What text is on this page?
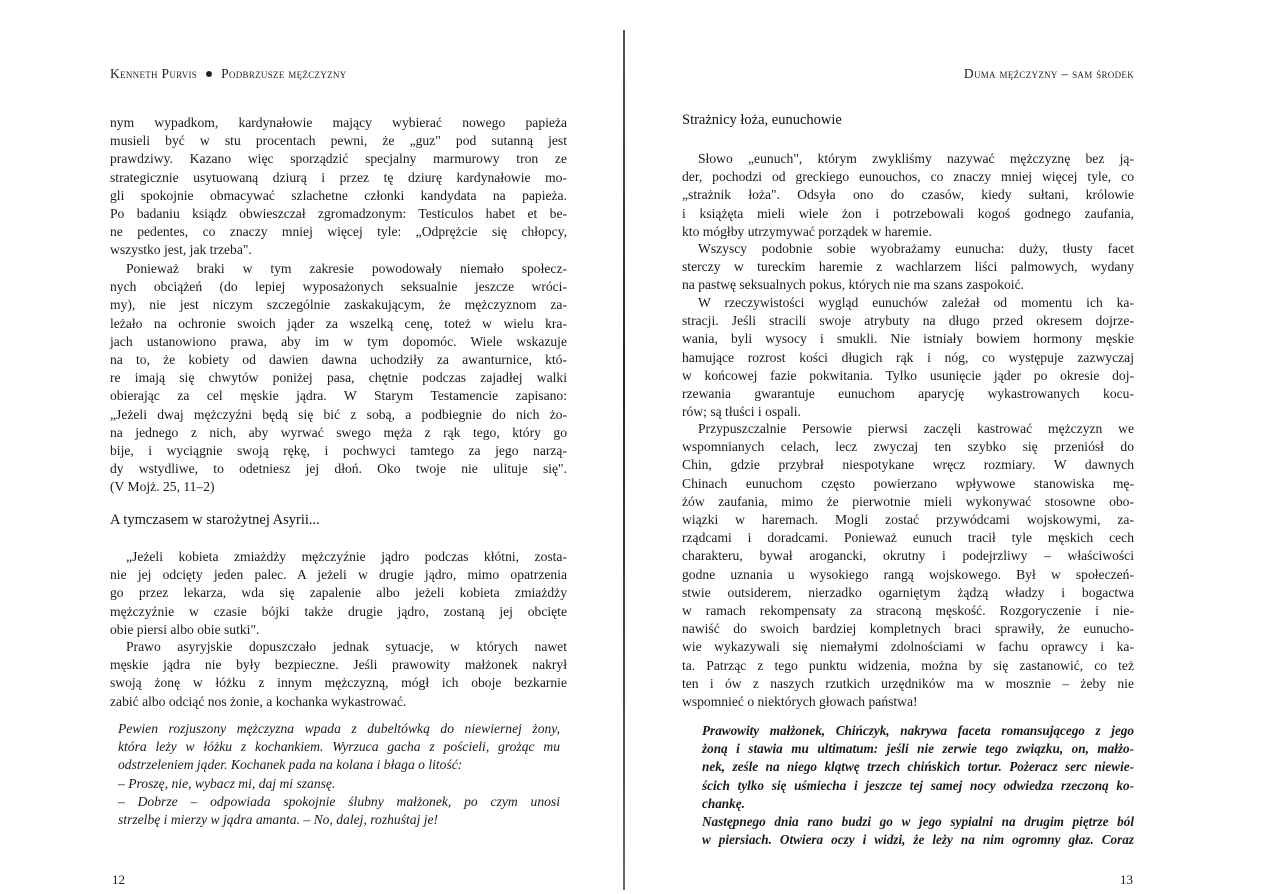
Kenneth Purvis Podbrzusze mężczyzny
nym wypadkom, kardynałowie mający wybierać nowego papieża
musieli być w stu procentach pewni, że „guz" pod sutanną jest
prawdziwy. Kazano więc sporządzić specjalny marmurowy tron ze
strategicznie usytuowaną dziurą i przez tę dziurę kardynałowie mo-
gli spokojnie obmacywać szlachetne członki kandydata na papieża.
Po badaniu ksiądz obwieszczał zgromadzonym: Testiculos habet et be-
ne pedentes, co znaczy mniej więcej tyle: „Odprężcie się chłopcy,
wszystko jest, jak trzeba".
Ponieważ braki w tym zakresie powodowały niemało społecz-
nych obciążeń (do lepiej wyposażonych seksualnie jeszcze wróci-
my), nie jest niczym szczególnie zaskakującym, że mężczyznom za-
leżało na ochronie swoich jąder za wszelką cenę, toteż w wielu kra-
jach ustanowiono prawa, aby im w tym dopomóc. Wiele wskazuje
na to, że kobiety od dawien dawna uchodziły za awanturnice, któ-
re imają się chwytów poniżej pasa, chętnie podczas zajadłej walki
obierając za cel męskie jądra. W Starym Testamencie zapisano:
„Jeżeli dwaj mężczyźni będą się bić z sobą, a podbiegnie do nich żo-
na jednego z nich, aby wyrwać swego męża z rąk tego, który go
bije, i wyciągnie swoją rękę, i pochwyci tamtego za jego narzą-
dy wstydliwe, to odetniesz jej dłoń. Oko twoje nie ulituje się".
(V Mojż. 25, 11–2)
A tymczasem w starożytnej Asyrii...
„Jeżeli kobieta zmiażdży mężczyźnie jądro podczas kłótni, zosta-
nie jej odcięty jeden palec. A jeżeli w drugie jądro, mimo opatrzenia
go przez lekarza, wda się zapalenie albo jeżeli kobieta zmiażdży
mężczyźnie w czasie bójki także drugie jądro, zostaną jej obcięte
obie piersi albo obie sutki".
Prawo asyryjskie dopuszczało jednak sytuacje, w których nawet
męskie jądra nie były bezpieczne. Jeśli prawowity małżonek nakrył
swoją żonę w łóżku z innym mężczyzną, mógł ich oboje bezkarnie
zabić albo odciąć nos żonie, a kochanka wykastrować.
Pewien rozjuszony mężczyzna wpada z dubeltówką do niewiernej żony,
która leży w łóżku z kochankiem. Wyrzuca gacha z pościeli, grożąc mu
odstrzeleniem jąder. Kochanek pada na kolana i błaga o litość:
– Proszę, nie, wybacz mi, daj mi szansę.
– Dobrze – odpowiada spokojnie ślubny małżonek, po czym unosi
strzelbę i mierzy w jądra amanta. – No, dalej, rozhuśtaj je!
12
Duma mężczyzny – sam środek
Strażnicy łoża, eunuchowie
Słowo „eunuch", którym zwykliśmy nazywać mężczyznę bez ją-
der, pochodzi od greckiego eunouchos, co znaczy mniej więcej tyle, co
„strażnik łoża". Odsyła ono do czasów, kiedy sułtani, królowie
i książęta mieli wiele żon i potrzebowali kogoś godnego zaufania,
kto mógłby utrzymywać porządek w haremie.
Wszyscy podobnie sobie wyobrażamy eunucha: duży, tłusty facet
sterczy w tureckim haremie z wachlarzem liści palmowych, wydany
na pastwę seksualnych pokus, których nie ma szans zaspokoić.
W rzeczywistości wygląd eunuchów zależał od momentu ich ka-
stracji. Jeśli stracili swoje atrybuty na długo przed okresem dojrze-
wania, byli wysocy i smukli. Nie istniały bowiem hormony męskie
hamujące rozrost kości długich rąk i nóg, co występuje zazwyczaj
w końcowej fazie pokwitania. Tylko usunięcie jąder po okresie doj-
rzewania gwarantuje eunuchom aparycję wykastrowanych kocu-
rów; są tłuści i ospali.
Przypuszczalnie Persowie pierwsi zaczęli kastrować mężczyzn we
wspomnianych celach, lecz zwyczaj ten szybko się przeniósł do
Chin, gdzie przybrał niespotykane wręcz rozmiary. W dawnych
Chinach eunuchom często powierzano wpływowe stanowiska mę-
żów zaufania, mimo że pierwotnie mieli wykonywać stosowne obo-
wiązki w haremach. Mogli zostać przywódcami wojskowymi, za-
rządcami i doradcami. Ponieważ eunuch tracił tyle męskich cech
charakteru, bywał arogancki, okrutny i podejrzliwy – właściwości
godne uznania u wysokiego rangą wojskowego. Był w społeczeń-
stwie outsiderem, nierzadko ogarniętym żądzą władzy i bogactwa
w ramach rekompensaty za straconą męskość. Rozgoryczenie i nie-
nawiść do swoich bardziej kompletnych braci sprawiły, że eunucho-
wie wykazywali się niemałymi zdolnościami w fachu oprawcy i ka-
ta. Patrząc z tego punktu widzenia, można by się zastanowić, co też
ten i ów z naszych rzutkich urzędników ma w mosznie – żeby nie
wspomnieć o niektórych głowach państwa!
Prawowity małżonek, Chińczyk, nakrywa faceta romansującego z jego
żoną i stawia mu ultimatum: jeśli nie zerwie tego związku, on, małżo-
nek, ześle na niego klątwę trzech chińskich tortur. Pożeracz serc niewie-
ścich tylko się uśmiecha i jeszcze tej samej nocy odwiedza rzeczoną ko-
chankę.
Następnego dnia rano budzi go w jego sypialni na drugim piętrze ból
w piersiach. Otwiera oczy i widzi, że leży na nim ogromny głaz. Coraz
13
